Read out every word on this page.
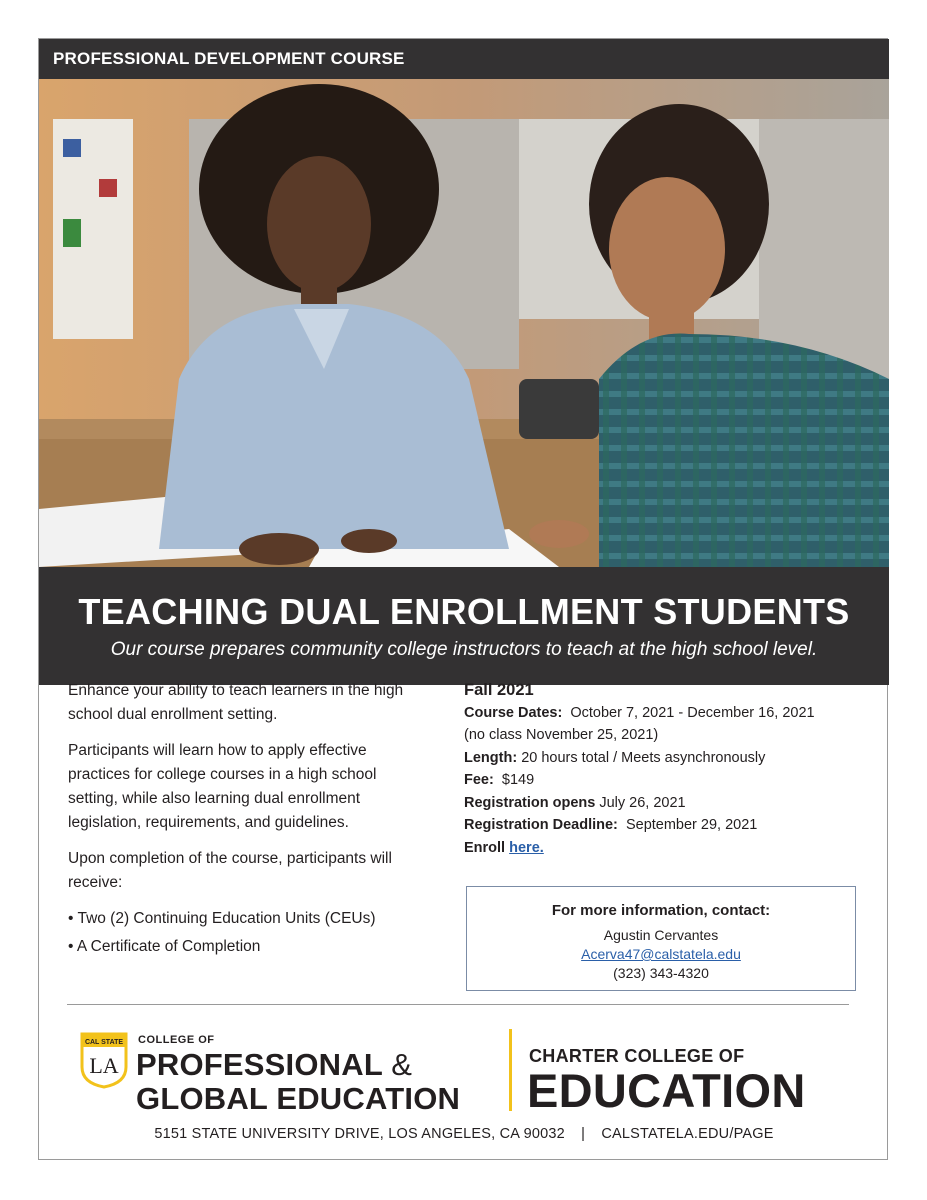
PROFESSIONAL DEVELOPMENT COURSE
TEACHING DUAL ENROLLMENT STUDENTS

Our course prepares community college instructors to teach at the high school level.

Enhance your ability to teach learners in the high school dual enrollment setting.

Participants will learn how to apply effective practices for college courses in a high school setting, while also learning dual enrollment legislation, requirements, and guidelines.

Upon completion of the course, participants will receive:

• Two (2) Continuing Education Units (CEUs)
• A Certificate of Completion
Fall 2021
Course Dates: October 7, 2021 - December 16, 2021
(no class November 25, 2021)
Length: 20 hours total / Meets asynchronously
Fee: $149
Registration opens July 26, 2021
Registration Deadline: September 29, 2021
Enroll here.
For more information, contact:
Agustin Cervantes
Acerva47@calstatela.edu
(323) 343-4320
CAL STATE
LA
COLLEGE OF
PROFESSIONAL &
GLOBAL EDUCATION
CHARTER COLLEGE OF
EDUCATION
5151 STATE UNIVERSITY DRIVE, LOS ANGELES, CA 90032 | CALSTATELA.EDU/PAGE
